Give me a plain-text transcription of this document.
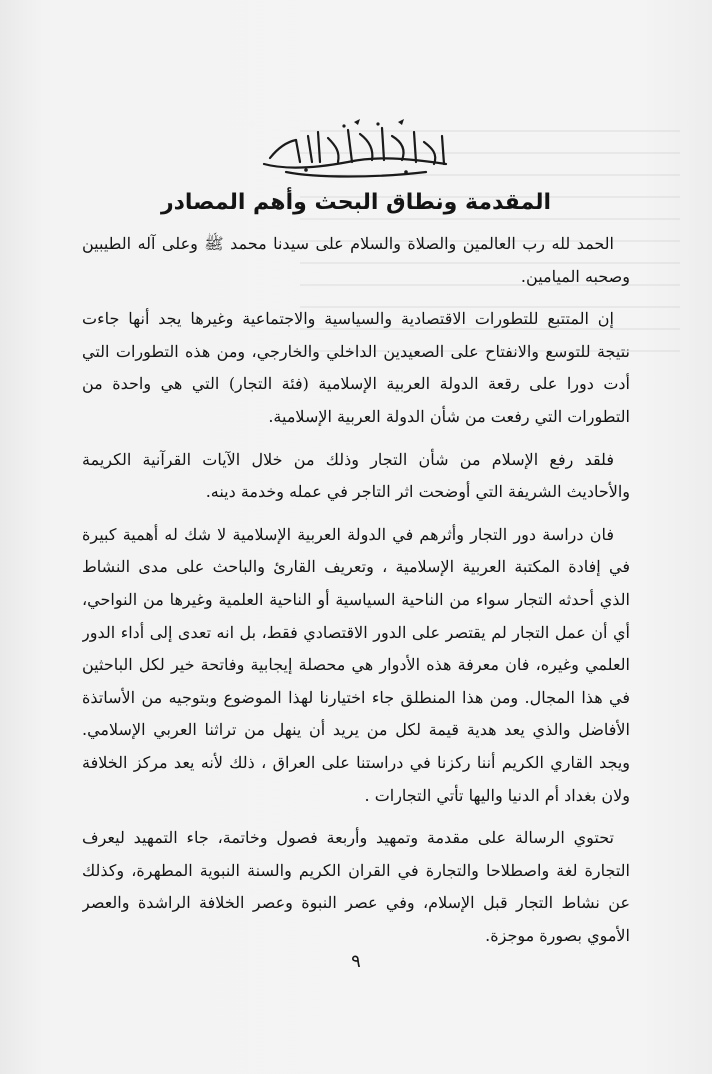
المقدمة ونطاق البحث وأهم المصادر

الحمد لله رب العالمين والصلاة والسلام على سيدنا محمد ﷺ وعلى آله الطيبين وصحبه الميامين.

إن المتتبع للتطورات الاقتصادية والسياسية والاجتماعية وغيرها يجد أنها جاءت نتيجة للتوسع والانفتاح على الصعيدين الداخلي والخارجي، ومن هذه التطورات التي أدت دورا على رقعة الدولة العربية الإسلامية (فئة التجار) التي هي واحدة من التطورات التي رفعت من شأن الدولة العربية الإسلامية.

فلقد رفع الإسلام من شأن التجار وذلك من خلال الآيات القرآنية الكريمة والأحاديث الشريفة التي أوضحت اثر التاجر في عمله وخدمة دينه.

فان دراسة دور التجار وأثرهم في الدولة العربية الإسلامية لا شك له أهمية كبيرة في إفادة المكتبة العربية الإسلامية ، وتعريف القارئ والباحث على مدى النشاط الذي أحدثه التجار سواء من الناحية السياسية أو الناحية العلمية وغيرها من النواحي، أي أن عمل التجار لم يقتصر على الدور الاقتصادي فقط، بل انه تعدى إلى أداء الدور العلمي وغيره، فان معرفة هذه الأدوار هي محصلة إيجابية وفاتحة خير لكل الباحثين في هذا المجال. ومن هذا المنطلق جاء اختيارنا لهذا الموضوع وبتوجيه من الأساتذة الأفاضل والذي يعد هدية قيمة لكل من يريد أن ينهل من تراثنا العربي الإسلامي. ويجد القاري الكريم أننا ركزنا في دراستنا على العراق ، ذلك لأنه يعد مركز الخلافة ولان بغداد أم الدنيا واليها تأتي التجارات .

تحتوي الرسالة على مقدمة وتمهيد وأربعة فصول وخاتمة، جاء التمهيد ليعرف التجارة لغة واصطلاحا والتجارة في القران الكريم والسنة النبوية المطهرة، وكذلك عن نشاط التجار قبل الإسلام، وفي عصر النبوة وعصر الخلافة الراشدة والعصر الأموي بصورة موجزة.

٩
